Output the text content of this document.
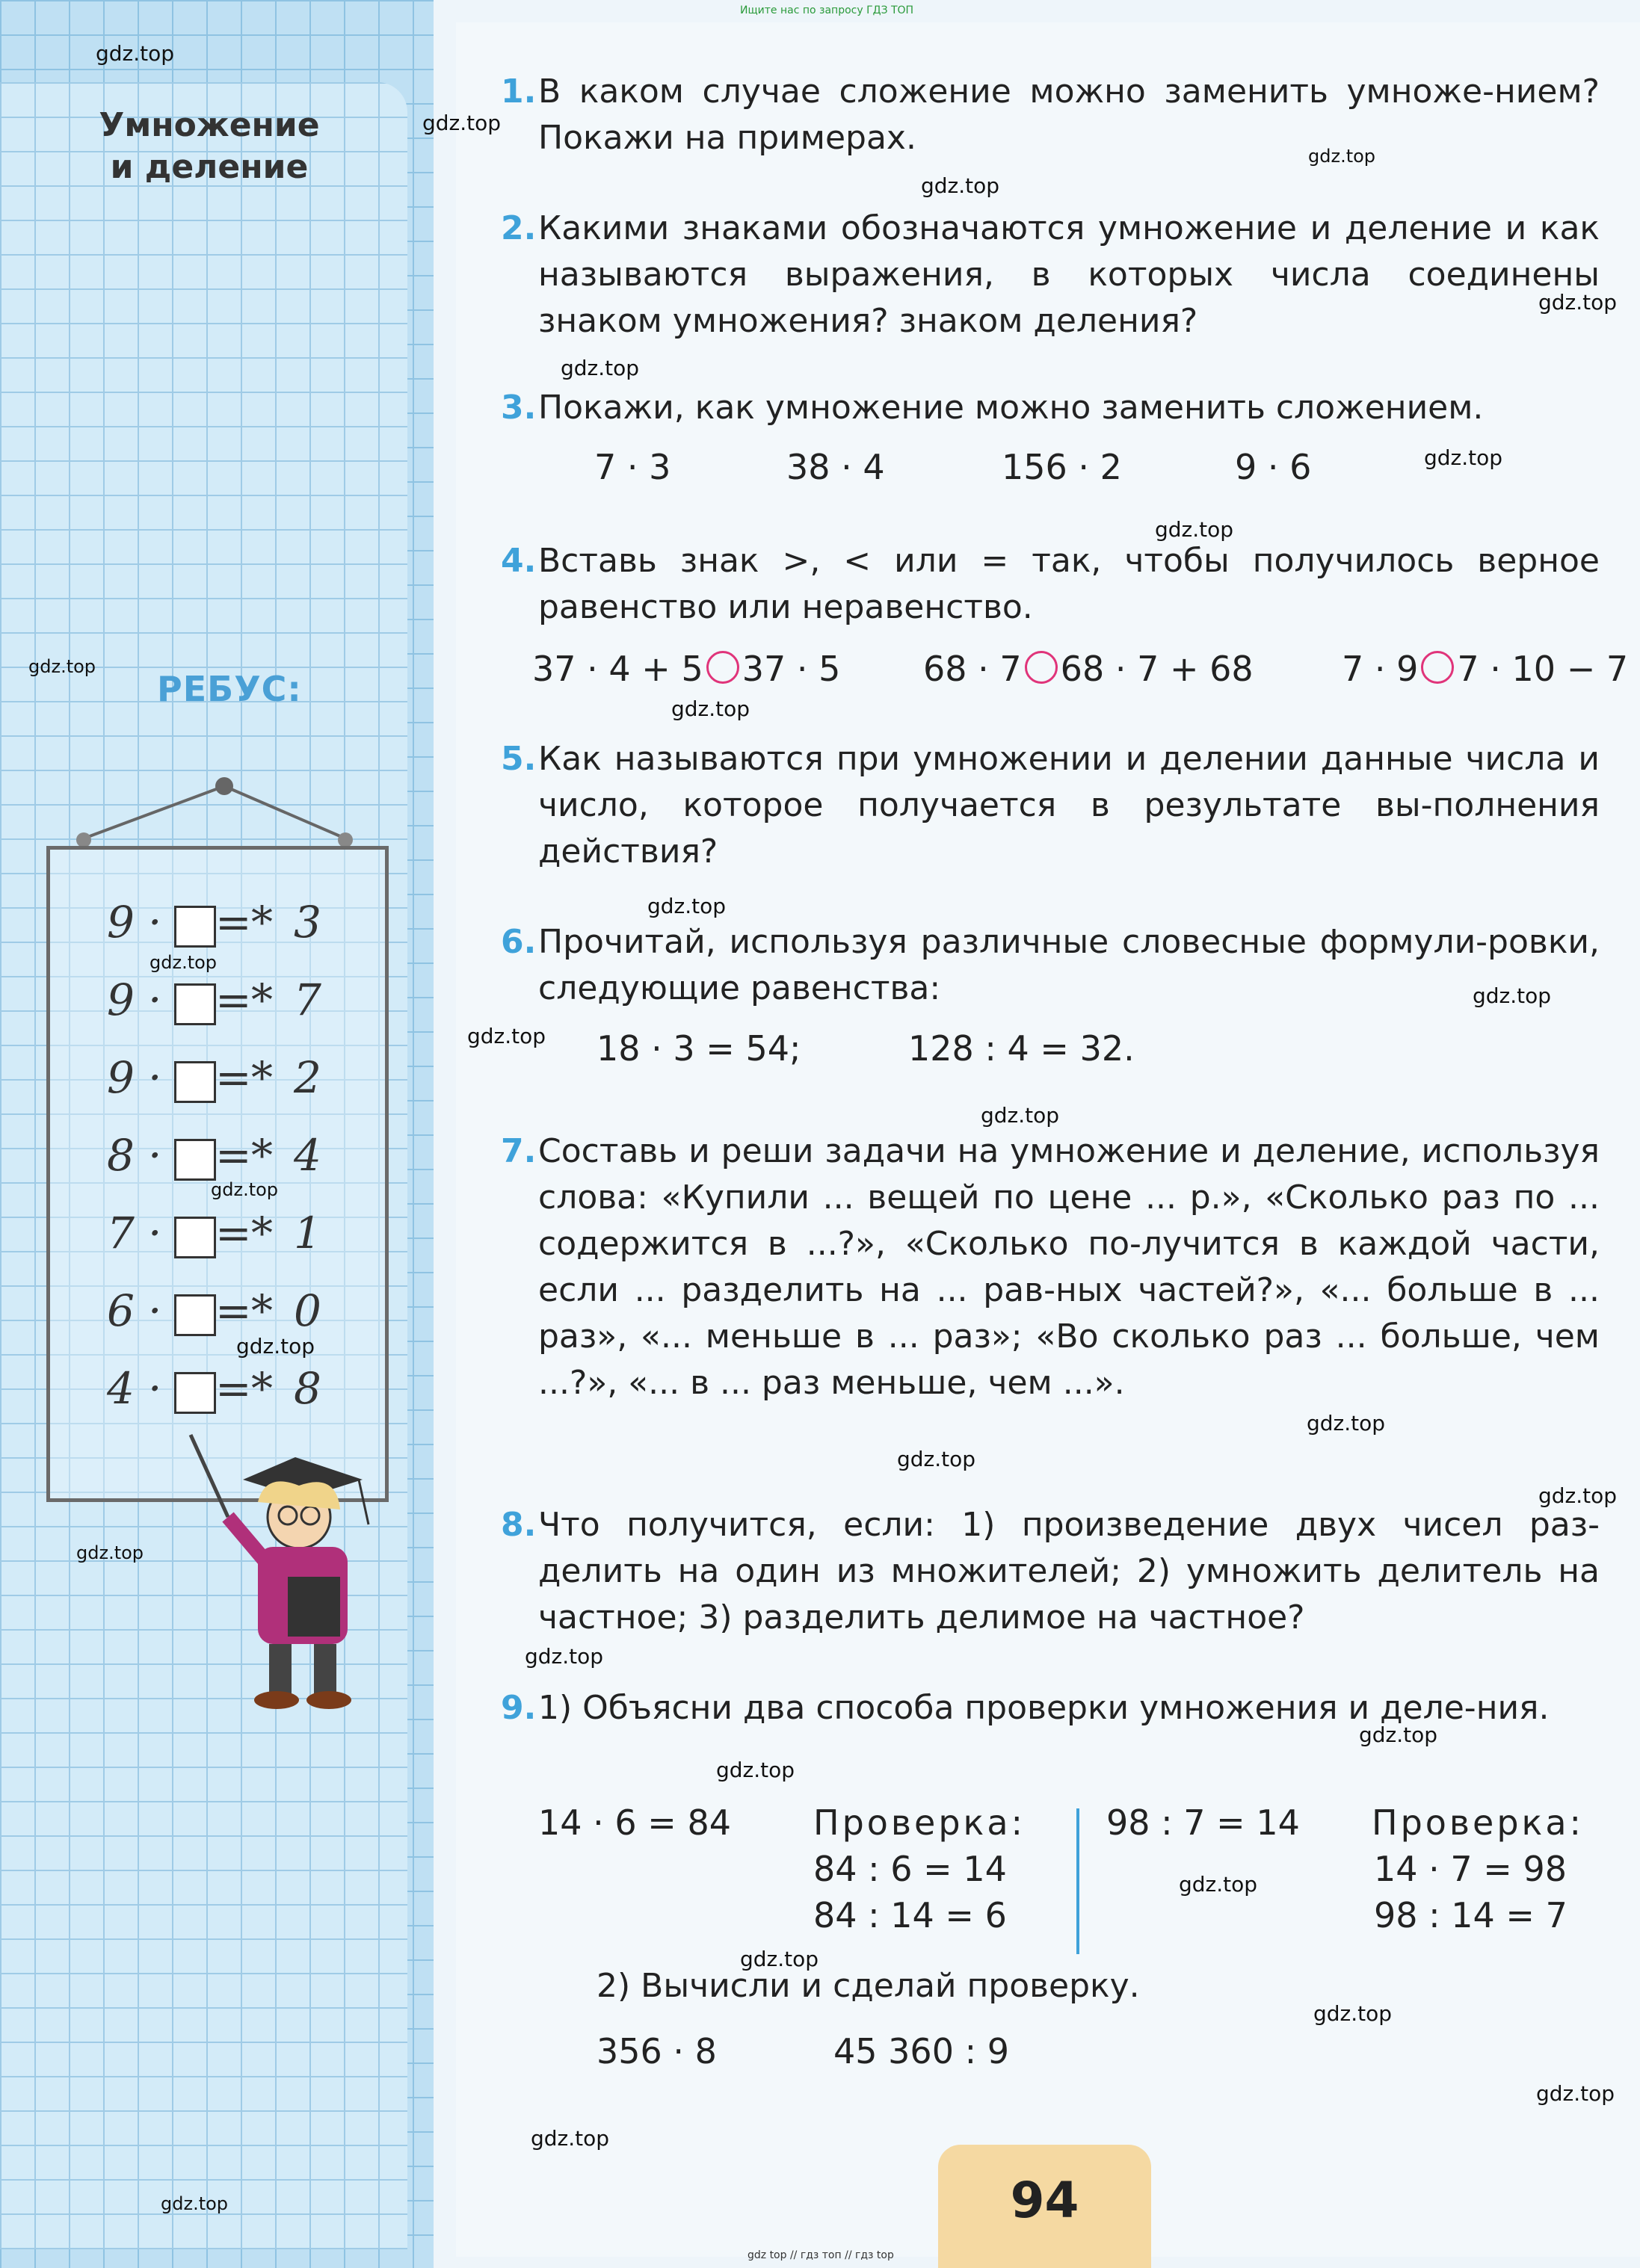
Умножение
и деление
РЕБУС:
9 · = * 3
9 · = * 7
9 · = * 2
8 · = * 4
7 · = * 1
6 · = * 0
4 · = * 8
Ищите нас по запросу ГДЗ ТОП
gdz top // гдз топ // гдз top
1. В каком случае сложение можно заменить умноже-нием? Покажи на примерах.

2. Какими знаками обозначаются умножение и деление и как называются выражения, в которых числа соединены знаком умножения? знаком деления?

3. Покажи, как умножение можно заменить сложением.

7 · 3	38 · 4	156 · 2	9 · 6
4. Вставь знак >, < или = так, чтобы получилось верное равенство или неравенство.

37 · 4 + 5 37 · 5 68 · 7 68 · 7 + 68	7 · 9 7 · 10 − 7
5. Как называются при умножении и делении данные числа и число, которое получается в результате вы-полнения действия?

6. Прочитай, используя различные словесные формули-ровки, следующие равенства:

18 · 3 = 54;	128 : 4 = 32.
7. Составь и реши задачи на умножение и деление, используя слова: «Купили ... вещей по цене ... р.», «Сколько раз по ... содержится в ...?», «Сколько по-лучится в каждой части, если ... разделить на ... рав-ных частей?», «... больше в ... раз», «... меньше в ... раз»; «Во сколько раз ... больше, чем ...?», «... в ... раз меньше, чем ...».

8. Что получится, если: 1) произведение двух чисел раз-делить на один из множителей; 2) умножить делитель на частное; 3) разделить делимое на частное?

9. 1) Объясни два способа проверки умножения и деле-ния.

14 · 6 = 84 Проверка:
84 : 6 = 14
84 : 14 = 6
98 : 7 = 14 Проверка:
14 · 7 = 98
98 : 14 = 7
2) Вычисли и сделай проверку.
356 · 8	45 360 : 9
94
gdz.top
gdz.top
gdz.top
gdz.top
gdz.top
gdz.top
gdz.top
gdz.top
gdz.top
gdz.top
gdz.top
gdz.top
gdz.top
gdz.top
gdz.top
gdz.top
gdz.top
gdz.top
gdz.top
gdz.top
gdz.top
gdz.top
gdz.top
gdz.top
gdz.top
gdz.top
gdz.top
gdz.top
gdz.top
gdz.top
